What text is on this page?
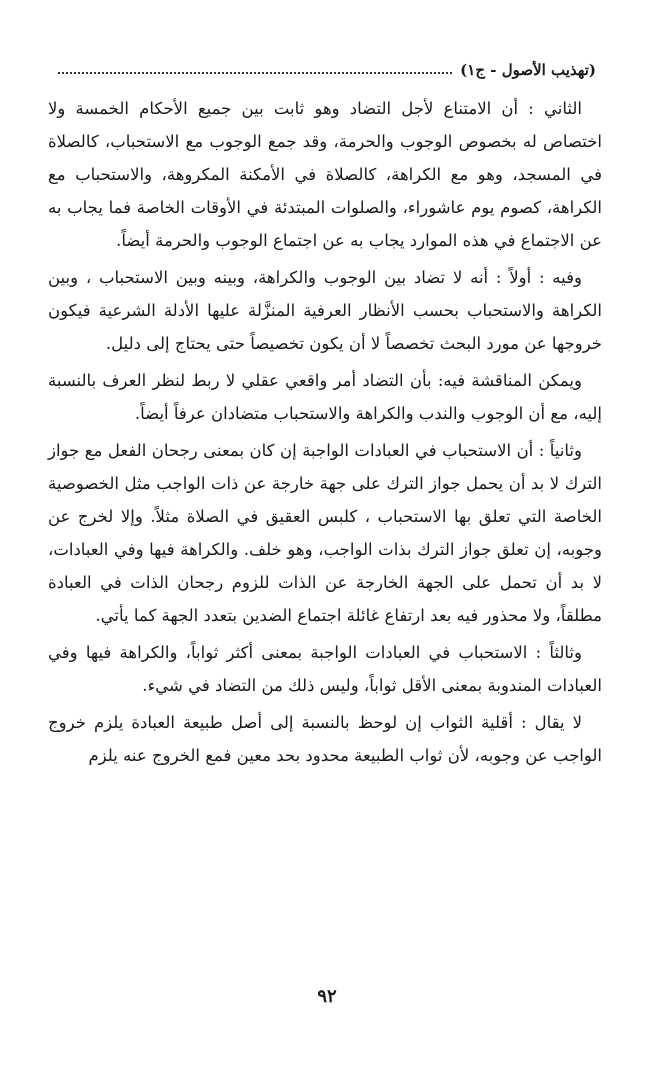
(تهذيب الأصول - ج١)

الثاني : أن الامتناع لأجل التضاد وهو ثابت بين جميع الأحكام الخمسة ولا اختصاص له بخصوص الوجوب والحرمة، وقد جمع الوجوب مع الاستحباب، كالصلاة في المسجد، وهو مع الكراهة، كالصلاة في الأمكنة المكروهة، والاستحباب مع الكراهة، كصوم يوم عاشوراء، والصلوات المبتدئة في الأوقات الخاصة فما يجاب به عن الاجتماع في هذه الموارد يجاب به عن اجتماع الوجوب والحرمة أيضاً.

وفيه : أولاً : أنه لا تضاد بين الوجوب والكراهة، وبينه وبين الاستحباب ، وبين الكراهة والاستحباب بحسب الأنظار العرفية المنزَّلة عليها الأدلة الشرعية فيكون خروجها عن مورد البحث تخصصاً لا أن يكون تخصيصاً حتى يحتاج إلى دليل.

ويمكن المناقشة فيه: بأن التضاد أمر واقعي عقلي لا ربط لنظر العرف بالنسبة إليه، مع أن الوجوب والندب والكراهة والاستحباب متضادان عرفاً أيضاً.

وثانياً : أن الاستحباب في العبادات الواجبة إن كان بمعنى رجحان الفعل مع جواز الترك لا بد أن يحمل جواز الترك على جهة خارجة عن ذات الواجب مثل الخصوصية الخاصة التي تعلق بها الاستحباب ، كلبس العقيق في الصلاة مثلاً. وإلا لخرج عن وجوبه، إن تعلق جواز الترك بذات الواجب، وهو خلف. والكراهة فيها وفي العبادات، لا بد أن تحمل على الجهة الخارجة عن الذات للزوم رجحان الذات في العبادة مطلقاً، ولا محذور فيه بعد ارتفاع غائلة اجتماع الضدين بتعدد الجهة كما يأتي.

وثالثاً : الاستحباب في العبادات الواجبة بمعنى أكثر ثواباً، والكراهة فيها وفي العبادات المندوبة بمعنى الأقل ثواباً، وليس ذلك من التضاد في شيء.

لا يقال : أقلية الثواب إن لوحظ بالنسبة إلى أصل طبيعة العبادة يلزم خروج الواجب عن وجوبه، لأن ثواب الطبيعة محدود بحد معين فمع الخروج عنه يلزم

٩٢
